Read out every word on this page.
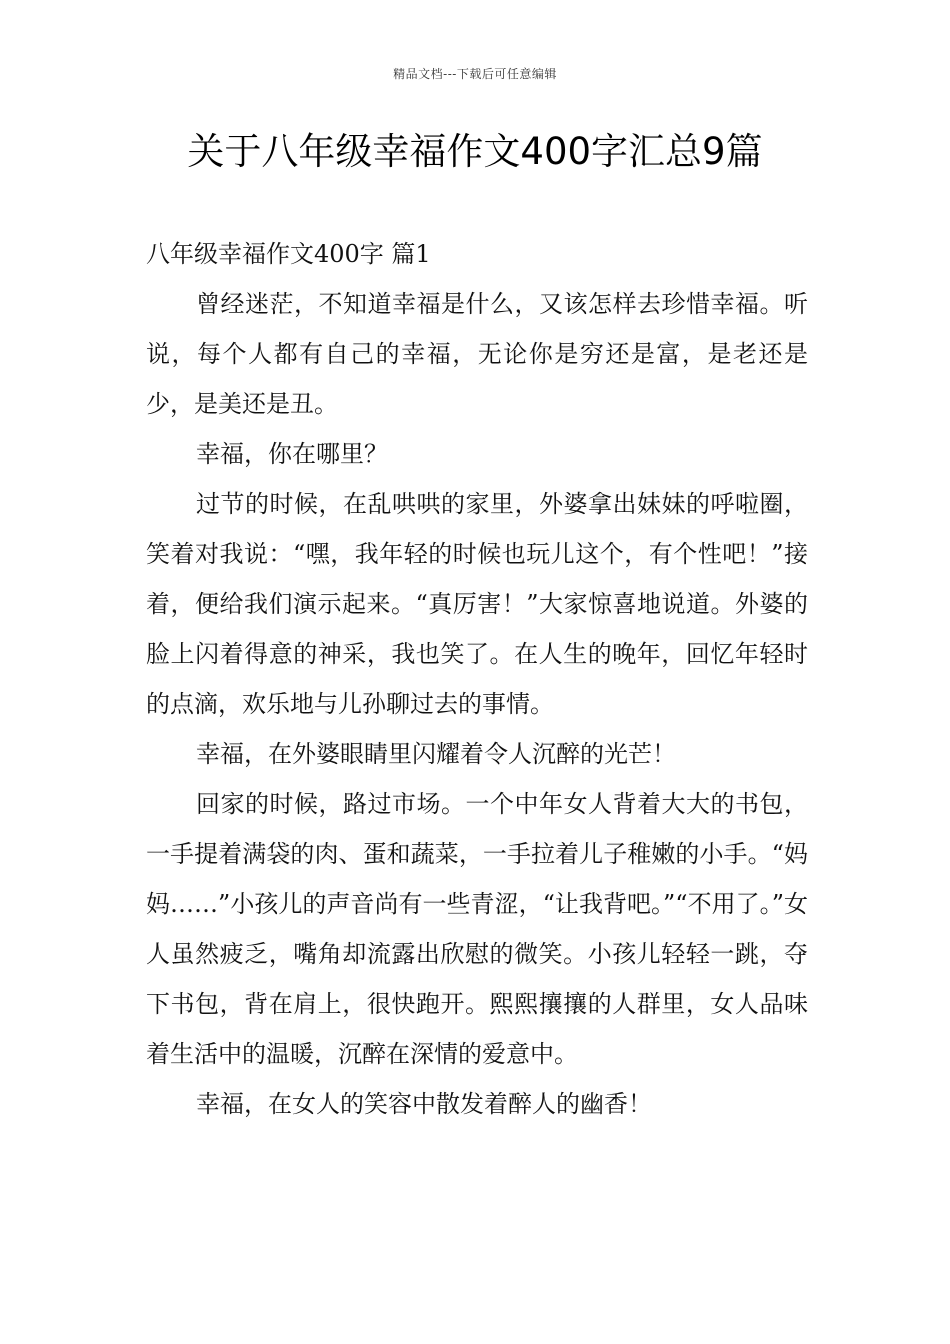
精品文档---下载后可任意编辑
关于八年级幸福作文400字汇总9篇

八年级幸福作文400字 篇1

曾经迷茫，不知道幸福是什么，又该怎样去珍惜幸福。听说，每个人都有自己的幸福，无论你是穷还是富，是老还是少，是美还是丑。

幸福，你在哪里？

过节的时候，在乱哄哄的家里，外婆拿出妹妹的呼啦圈，笑着对我说：“嘿，我年轻的时候也玩儿这个，有个性吧！”接着，便给我们演示起来。“真厉害！”大家惊喜地说道。外婆的脸上闪着得意的神采，我也笑了。在人生的晚年，回忆年轻时的点滴，欢乐地与儿孙聊过去的事情。

幸福，在外婆眼睛里闪耀着令人沉醉的光芒！

回家的时候，路过市场。一个中年女人背着大大的书包，一手提着满袋的肉、蛋和蔬菜，一手拉着儿子稚嫩的小手。“妈妈……”小孩儿的声音尚有一些青涩，“让我背吧。”“不用了。”女人虽然疲乏，嘴角却流露出欣慰的微笑。小孩儿轻轻一跳，夺下书包，背在肩上，很快跑开。熙熙攘攘的人群里，女人品味着生活中的温暖，沉醉在深情的爱意中。

幸福，在女人的笑容中散发着醉人的幽香！
